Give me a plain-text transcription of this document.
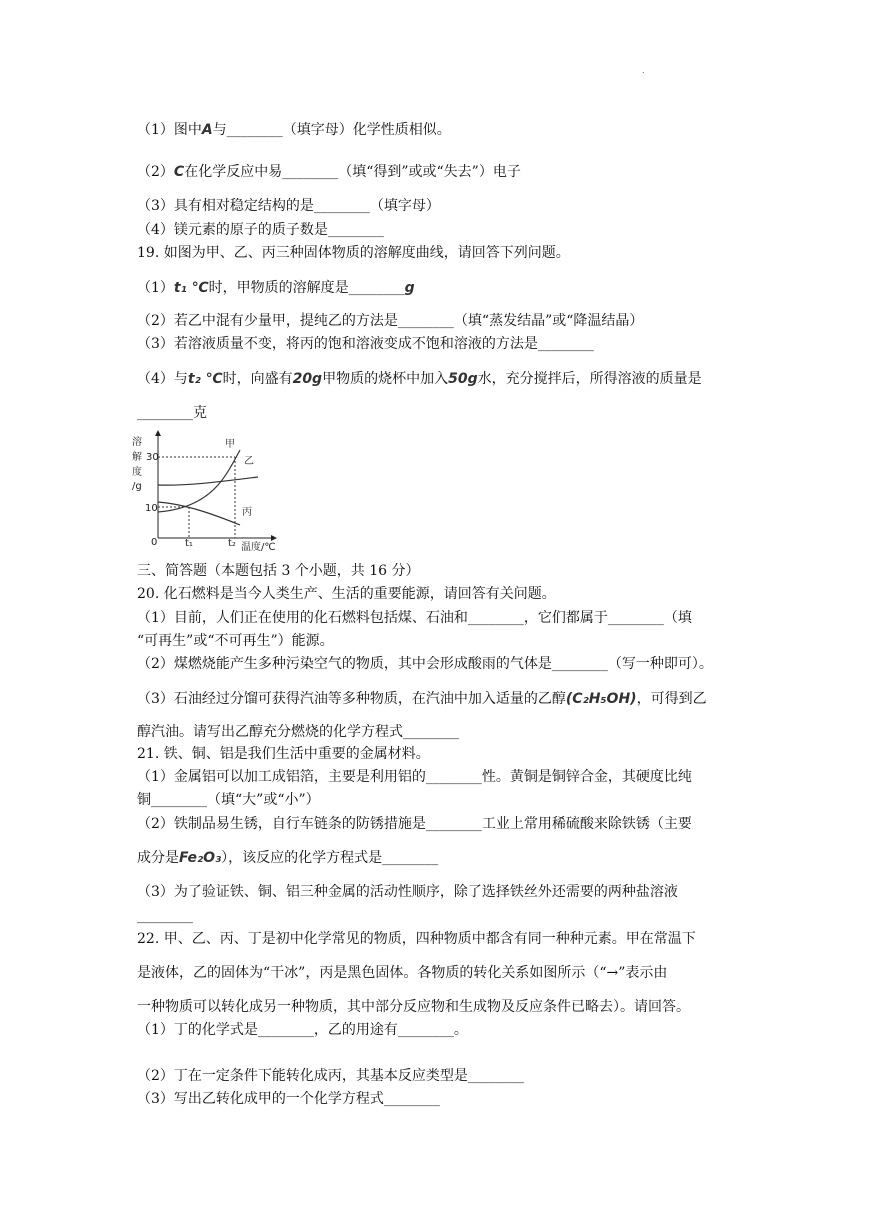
.
（1）图中A与________（填字母）化学性质相似。
（2）C在化学反应中易________（填“得到”或或“失去”）电子
（3）具有相对稳定结构的是________（填字母）
（4）镁元素的原子的质子数是________
19. 如图为甲、乙、丙三种固体物质的溶解度曲线，请回答下列问题。
（1）t₁ ℃时，甲物质的溶解度是________g
（2）若乙中混有少量甲，提纯乙的方法是________（填“蒸发结晶”或“降温结晶）
（3）若溶液质量不变，将丙的饱和溶液变成不饱和溶液的方法是________
（4）与t₂ ℃时，向盛有20g甲物质的烧杯中加入50g水，充分搅拌后，所得溶液的质量是
________克
溶
解
度
/g
30
10
0	t₁	t₂ 温度/℃
甲
乙
丙
三、简答题（本题包括 3 个小题，共 16 分）
20. 化石燃料是当今人类生产、生活的重要能源，请回答有关问题。
（1）目前，人们正在使用的化石燃料包括煤、石油和________，它们都属于________（填
“可再生”或“不可再生”）能源。
（2）煤燃烧能产生多种污染空气的物质，其中会形成酸雨的气体是________（写一种即可）。
（3）石油经过分馏可获得汽油等多种物质，在汽油中加入适量的乙醇(C₂H₅OH)，可得到乙
醇汽油。请写出乙醇充分燃烧的化学方程式________
21. 铁、铜、铝是我们生活中重要的金属材料。
（1）金属铝可以加工成铝箔，主要是利用铝的________性。黄铜是铜锌合金，其硬度比纯
铜________（填“大”或“小”）
（2）铁制品易生锈，自行车链条的防锈措施是________工业上常用稀硫酸来除铁锈（主要
成分是Fe₂O₃），该反应的化学方程式是________
（3）为了验证铁、铜、铝三种金属的活动性顺序，除了选择铁丝外还需要的两种盐溶液
________
22. 甲、乙、丙、丁是初中化学常见的物质，四种物质中都含有同一种种元素。甲在常温下
是液体，乙的固体为“干冰”，丙是黑色固体。各物质的转化关系如图所示（“→”表示由
一种物质可以转化成另一种物质，其中部分反应物和生成物及反应条件已略去）。请回答。
（1）丁的化学式是________，乙的用途有________。
（2）丁在一定条件下能转化成丙，其基本反应类型是________
（3）写出乙转化成甲的一个化学方程式________
